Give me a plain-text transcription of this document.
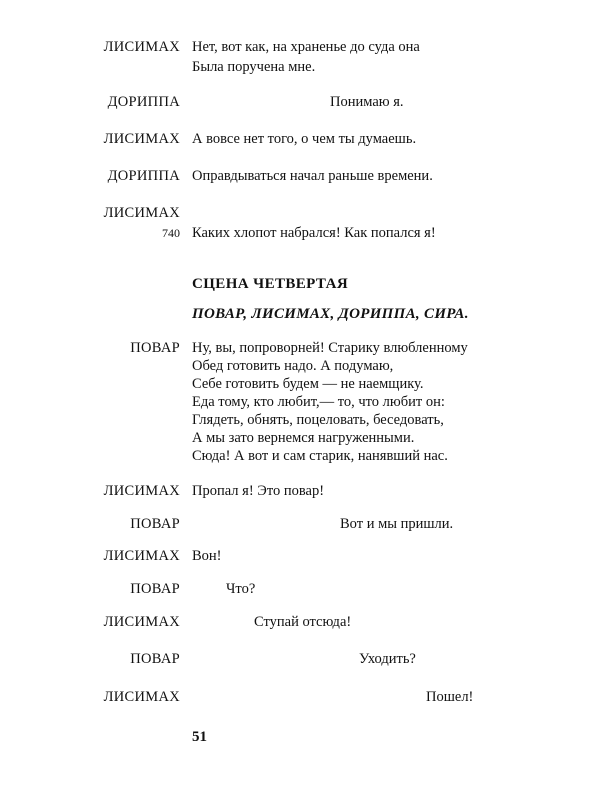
ЛИСИМАХ Нет, вот как, на храненье до суда она
Была поручена мне.
ДОРИППА	Понимаю я.
ЛИСИМАХ А вовсе нет того, о чем ты думаешь.
ДОРИППА Оправдываться начал раньше времени.
ЛИСИМАХ
740 Каких хлопот набрался! Как попался я!
СЦЕНА ЧЕТВЕРТАЯ
ПОВАР, ЛИСИМАХ, ДОРИППА, СИРА.
ПОВАР Ну, вы, попроворней! Старику влюбленному
Обед готовить надо. А подумаю,
Себе готовить будем — не наемщику.
Еда тому, кто любит,— то, что любит он:
Глядеть, обнять, поцеловать, беседовать,
А мы зато вернемся нагруженными.
Сюда! А вот и сам старик, нанявший нас.
ЛИСИМАХ Пропал я! Это повар!
ПОВАР	Вот и мы пришли.
ЛИСИМАХ Вон!
ПОВАР	Что?
ЛИСИМАХ	Ступай отсюда!
ПОВАР	Уходить?
ЛИСИМАХ	Пошел!
51
